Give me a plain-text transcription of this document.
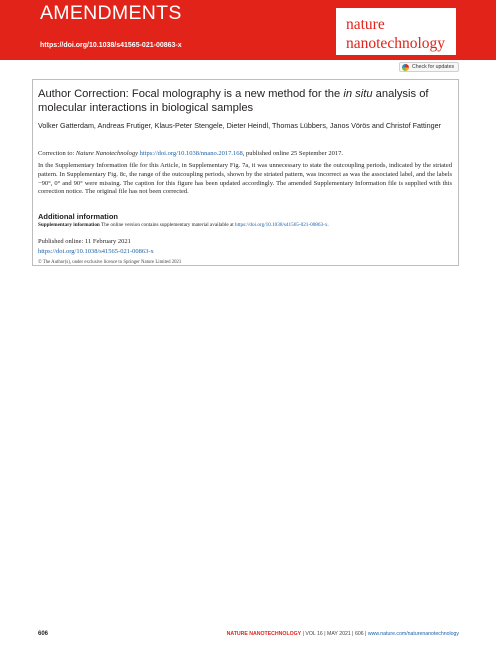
AMENDMENTS
https://doi.org/10.1038/s41565-021-00863-x
nature
nanotechnology
Check for updates
Author Correction: Focal molography is a new method for the in situ analysis of molecular interactions in biological samples
Volker Gatterdam, Andreas Frutiger, Klaus-Peter Stengele, Dieter Heindl, Thomas Lübbers, Janos Vörös and Christof Fattinger
Correction to: Nature Nanotechnology https://doi.org/10.1038/nnano.2017.168, published online 25 September 2017.
In the Supplementary Information file for this Article, in Supplementary Fig. 7a, it was unnecessary to state the outcoupling periods, indicated by the striated pattern. In Supplementary Fig. 8c, the range of the outcoupling periods, shown by the striated pattern, was incorrect as was the associated label, and the labels −90°, 0° and 90° were missing. The caption for this figure has been updated accordingly. The amended Supplementary Information file is supplied with this correction notice. The original file has not been corrected.
Additional information
Supplementary information The online version contains supplementary material available at https://doi.org/10.1038/s41565-021-00863-x.
Published online: 11 February 2021
https://doi.org/10.1038/s41565-021-00863-x
© The Author(s), under exclusive licence to Springer Nature Limited 2021
606	NATURE NANOTECHNOLOGY | VOL 16 | MAY 2021 | 606 | www.nature.com/naturenanotechnology
